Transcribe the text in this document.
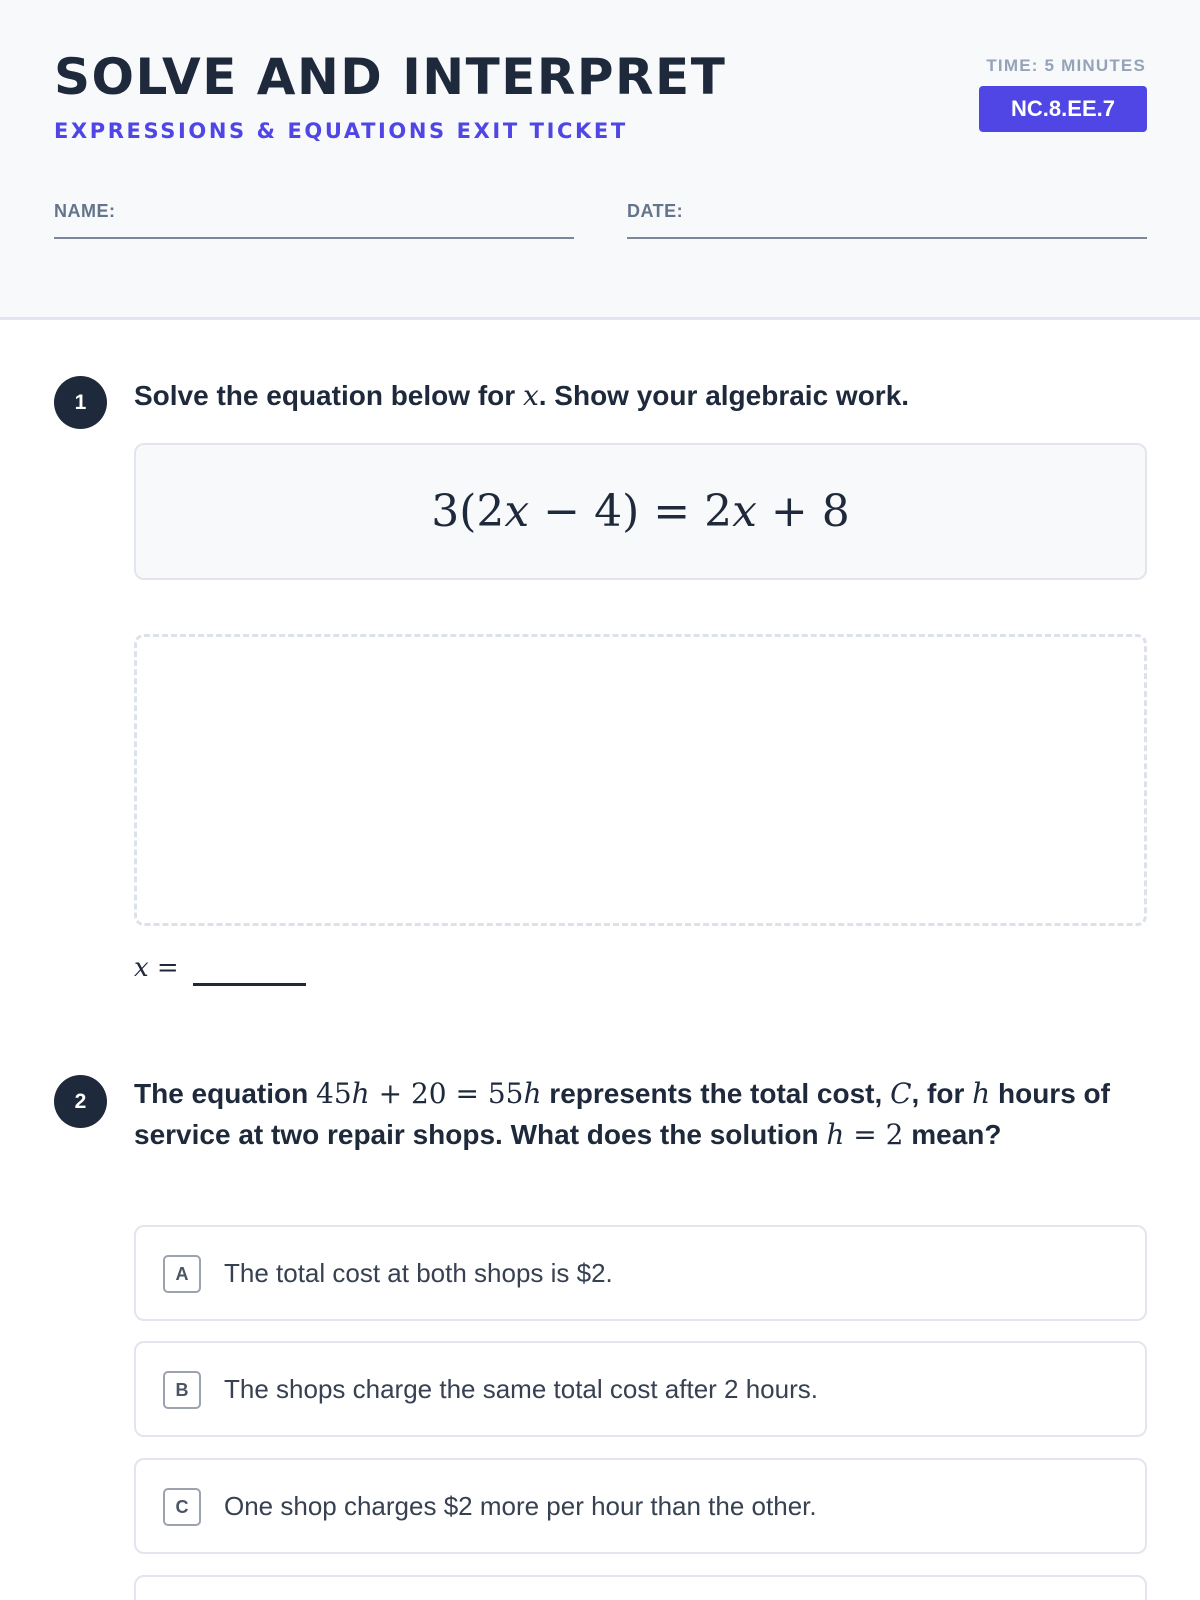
SOLVE AND INTERPRET
EXPRESSIONS & EQUATIONS EXIT TICKET
TIME: 5 MINUTES
NC.8.EE.7
NAME:	DATE:
1	Solve the equation below for x. Show your algebraic work.
3(2x − 4) = 2x + 8
x =
2	The equation 45h + 20 = 55h represents the total cost, C, for h hours of service at two repair shops. What does the solution h = 2 mean?
A	The total cost at both shops is $2.
B	The shops charge the same total cost after 2 hours.
C	One shop charges $2 more per hour than the other.
